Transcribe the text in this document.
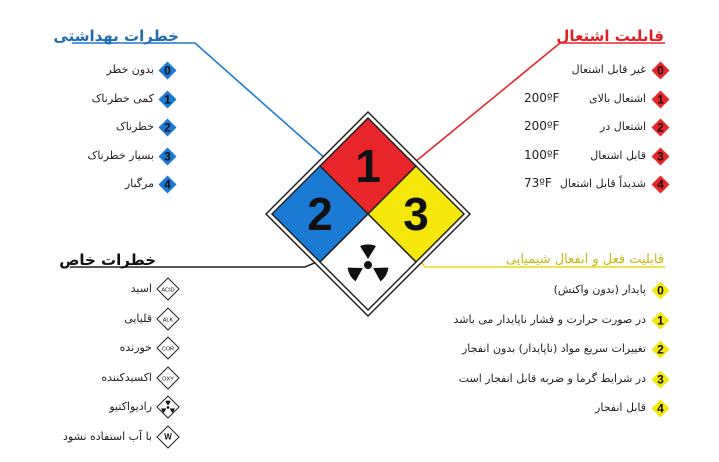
1
2 3
خطرات بهداشتی	قابلیت اشتعال
خطرات خاص	قابلیت فعل و انفعال شیمیایی
0
بدون خطر
1
کمی خطرناک
2
خطرناک
3
بسیار خطرناک
4
مرگبار
0
غیر قابل اشتعال
1
اشتعال بالای
200ºF
2
اشتعال در
200ºF
3
قابل اشتعال
100ºF
4
شدیداً قابل اشتعال
73ºF
0
پایدار (بدون واکنش)
1
در صورت حرارت و فشار ناپایدار می باشد
2
تغییرات سریع مواد (ناپایدار) بدون انفجار
3
در شرایط گرما و ضربه قابل انفجار است
4
قابل انفجار
ACID
اسید
ALK
قلیایی
COR
خورنده
OXY
اکسیدکننده
رادیواکتیو
W
با آب استفاده نشود
